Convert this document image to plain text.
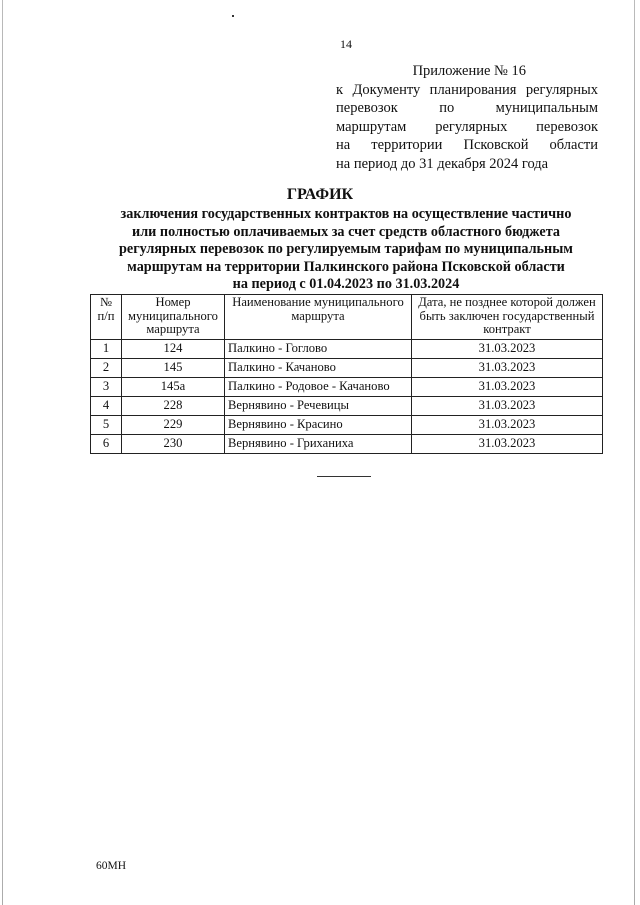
14
Приложение № 16
к Документу планирования регулярных
перевозок по муниципальным
маршрутам регулярных перевозок
на территории Псковской области
на период до 31 декабря 2024 года
ГРАФИК
заключения государственных контрактов на осуществление частично
или полностью оплачиваемых за счет средств областного бюджета
регулярных перевозок по регулируемым тарифам по муниципальным
маршрутам на территории Палкинского района Псковской области
на период с 01.04.2023 по 31.03.2024
№ п/п	Номер муниципального маршрута	Наименование муниципального маршрута	Дата, не позднее которой должен быть заключен государственный контракт
1	124	Палкино - Гоглово	31.03.2023
2	145	Палкино - Качаново	31.03.2023
3	145а	Палкино - Родовое - Качаново	31.03.2023
4	228	Вернявино - Речевицы	31.03.2023
5	229	Вернявино - Красино	31.03.2023
6	230	Вернявино - Гриханиха	31.03.2023
60МН
